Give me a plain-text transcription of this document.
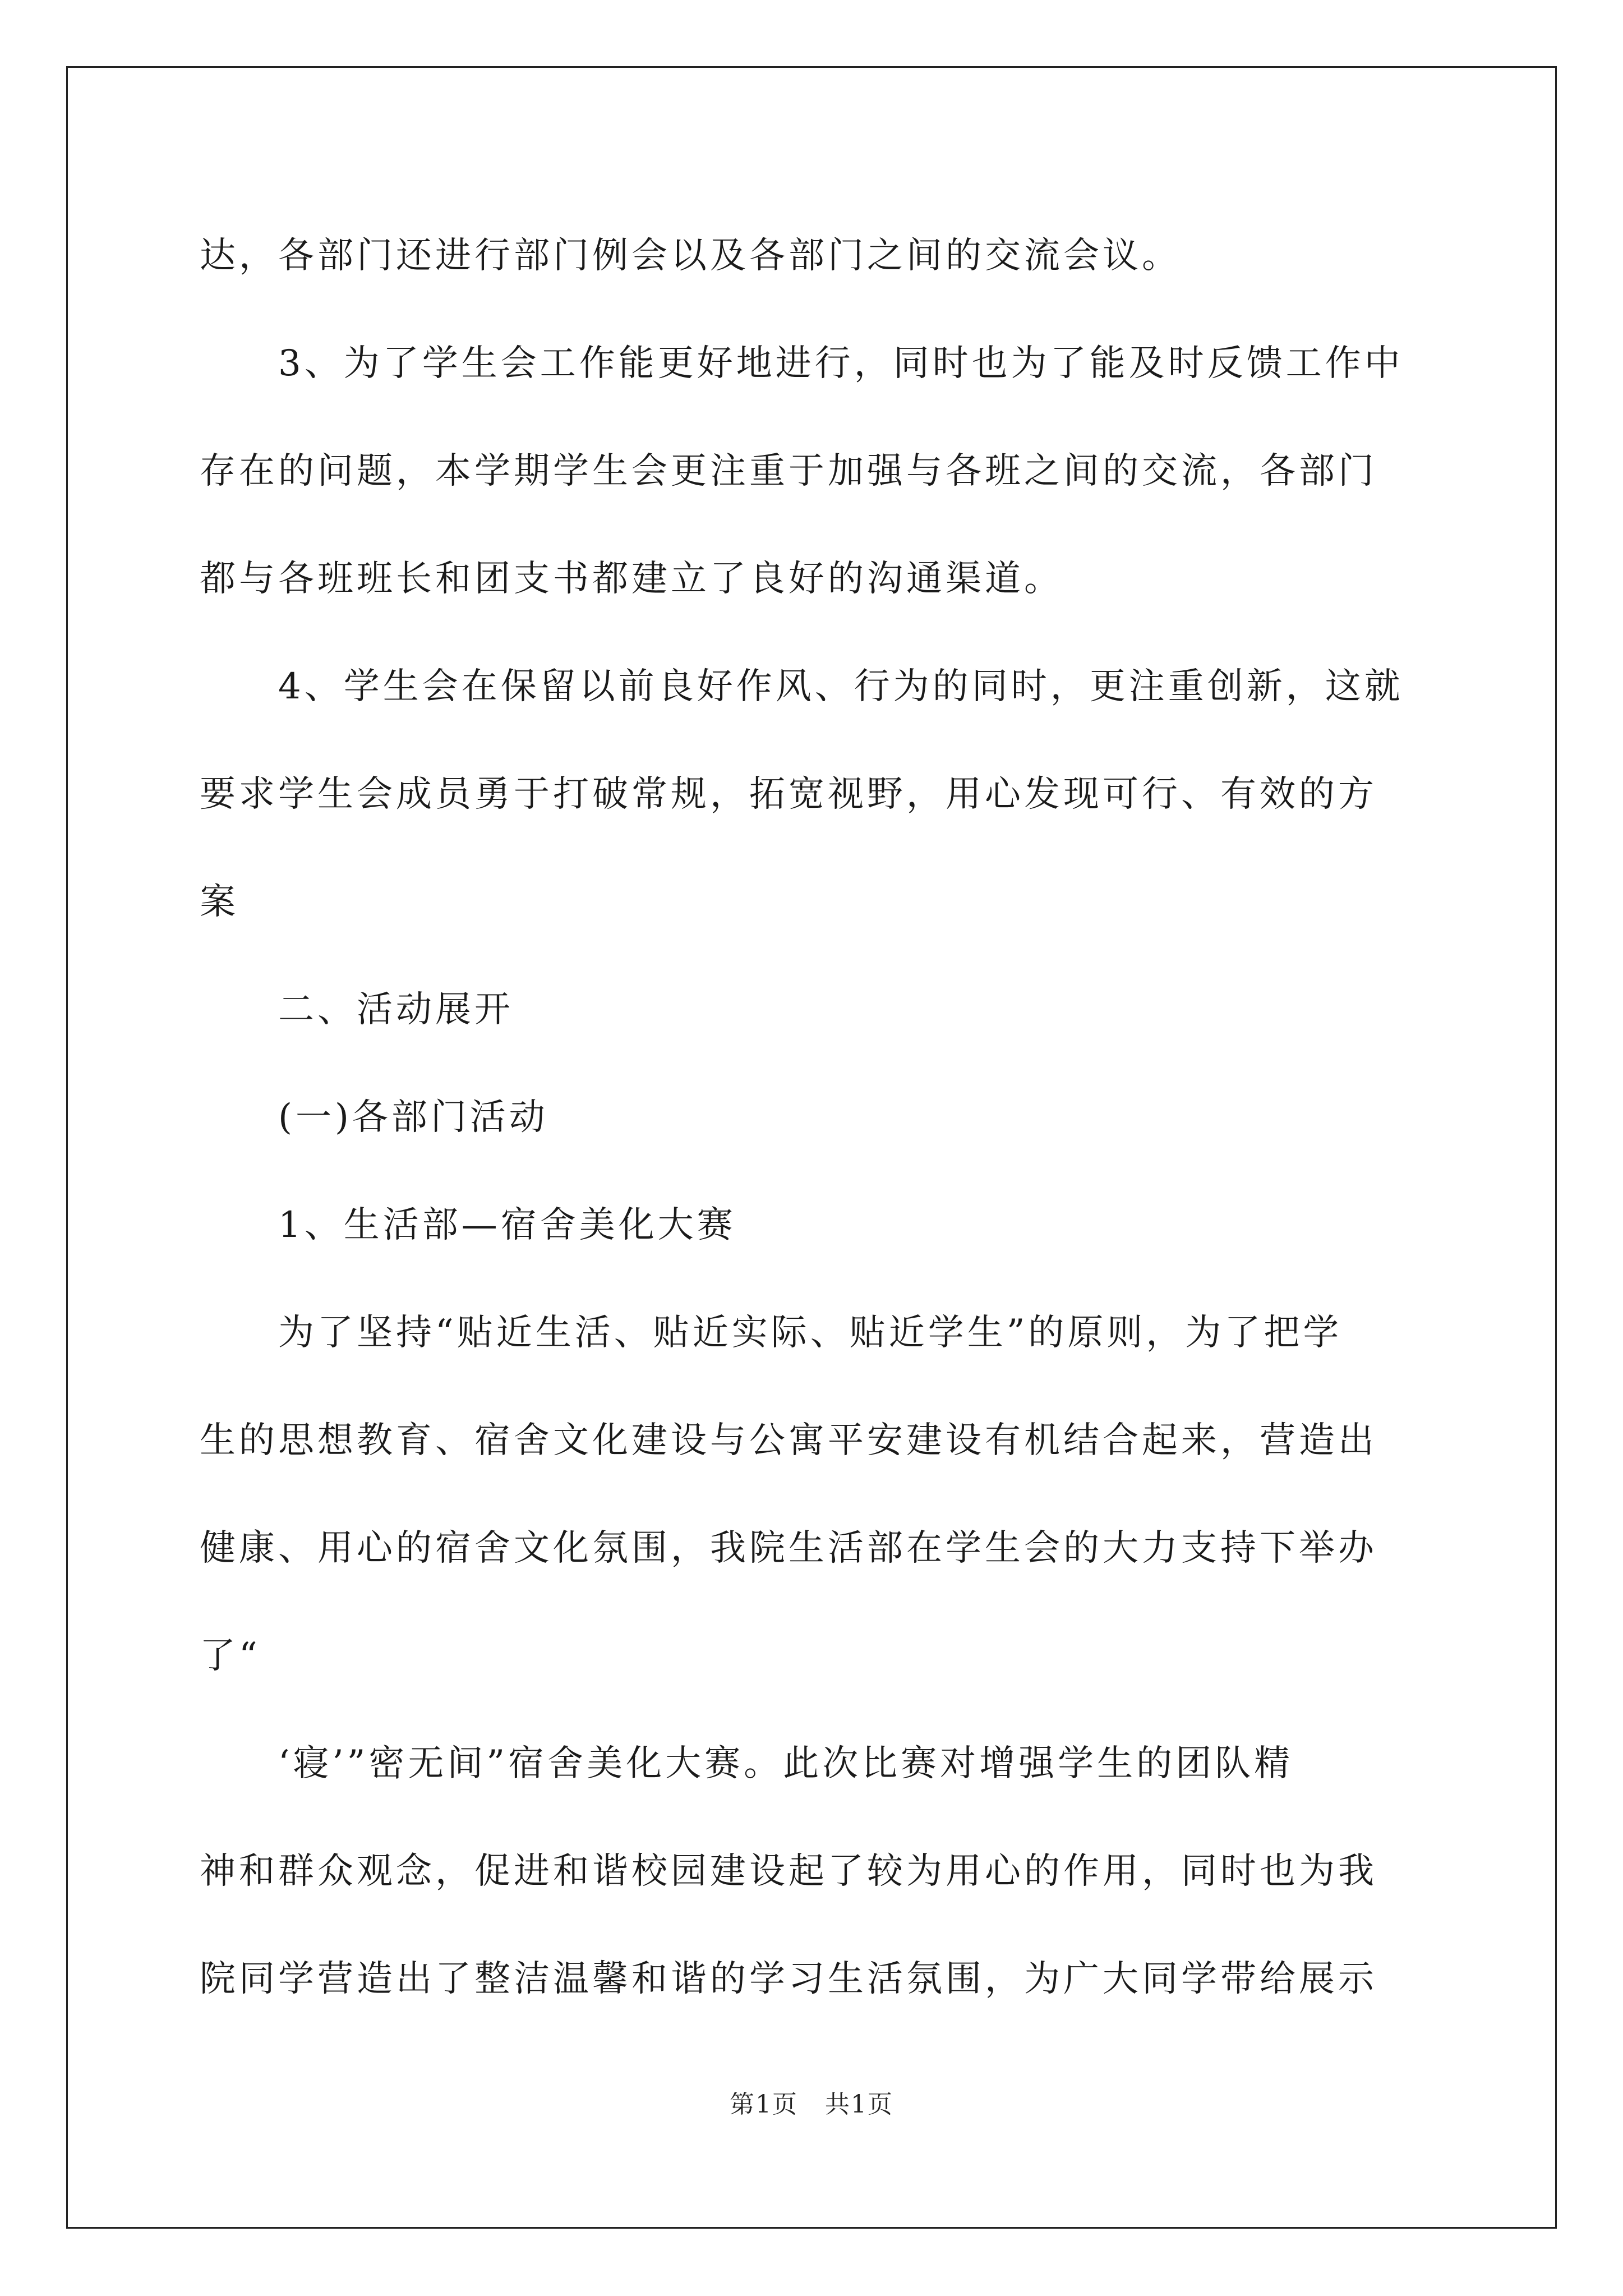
达，各部门还进行部门例会以及各部门之间的交流会议。

3、为了学生会工作能更好地进行，同时也为了能及时反馈工作中
存在的问题，本学期学生会更注重于加强与各班之间的交流，各部门
都与各班班长和团支书都建立了良好的沟通渠道。

4、学生会在保留以前良好作风、行为的同时，更注重创新，这就
要求学生会成员勇于打破常规，拓宽视野，用心发现可行、有效的方
案

二、活动展开

(一)各部门活动

1、生活部—宿舍美化大赛

为了坚持“贴近生活、贴近实际、贴近学生”的原则，为了把学
生的思想教育、宿舍文化建设与公寓平安建设有机结合起来，营造出
健康、用心的宿舍文化氛围，我院生活部在学生会的大力支持下举办
了“

‘寝’”密无间”宿舍美化大赛。此次比赛对增强学生的团队精
神和群众观念，促进和谐校园建设起了较为用心的作用，同时也为我
院同学营造出了整洁温馨和谐的学习生活氛围，为广大同学带给展示

第1页 共1页
